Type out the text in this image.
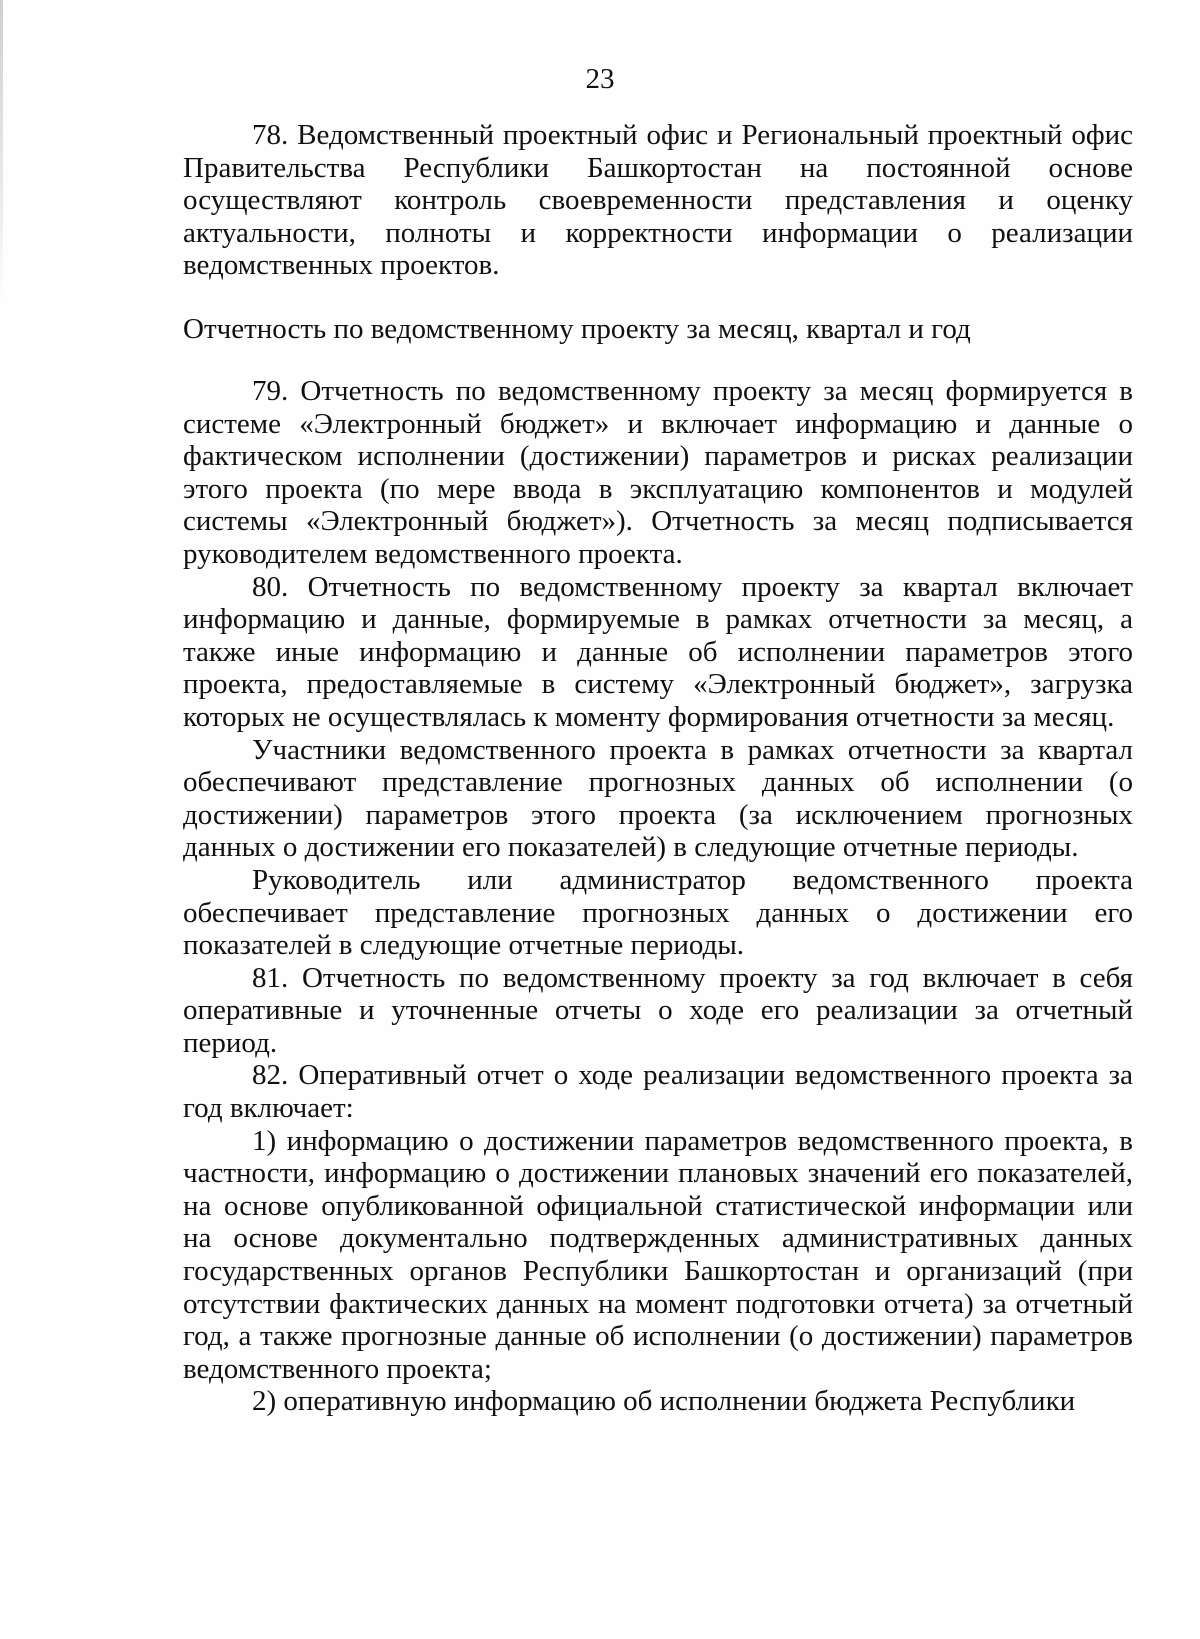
23

78. Ведомственный проектный офис и Региональный проектный офис Правительства Республики Башкортостан на постоянной основе осуществляют контроль своевременности представления и оценку актуальности, полноты и корректности информации о реализации ведомственных проектов.

Отчетность по ведомственному проекту за месяц, квартал и год

79. Отчетность по ведомственному проекту за месяц формируется в системе «Электронный бюджет» и включает информацию и данные о фактическом исполнении (достижении) параметров и рисках реализации этого проекта (по мере ввода в эксплуатацию компонентов и модулей системы «Электронный бюджет»). Отчетность за месяц подписывается руководителем ведомственного проекта.

80. Отчетность по ведомственному проекту за квартал включает информацию и данные, формируемые в рамках отчетности за месяц, а также иные информацию и данные об исполнении параметров этого проекта, предоставляемые в систему «Электронный бюджет», загрузка которых не осуществлялась к моменту формирования отчетности за месяц.

Участники ведомственного проекта в рамках отчетности за квартал обеспечивают представление прогнозных данных об исполнении (о достижении) параметров этого проекта (за исключением прогнозных данных о достижении его показателей) в следующие отчетные периоды.

Руководитель или администратор ведомственного проекта обеспечивает представление прогнозных данных о достижении его показателей в следующие отчетные периоды.

81. Отчетность по ведомственному проекту за год включает в себя оперативные и уточненные отчеты о ходе его реализации за отчетный период.

82. Оперативный отчет о ходе реализации ведомственного проекта за год включает:

1) информацию о достижении параметров ведомственного проекта, в частности, информацию о достижении плановых значений его показателей, на основе опубликованной официальной статистической информации или на основе документально подтвержденных административных данных государственных органов Республики Башкортостан и организаций (при отсутствии фактических данных на момент подготовки отчета) за отчетный год, а также прогнозные данные об исполнении (о достижении) параметров ведомственного проекта;

2) оперативную информацию об исполнении бюджета Республики
